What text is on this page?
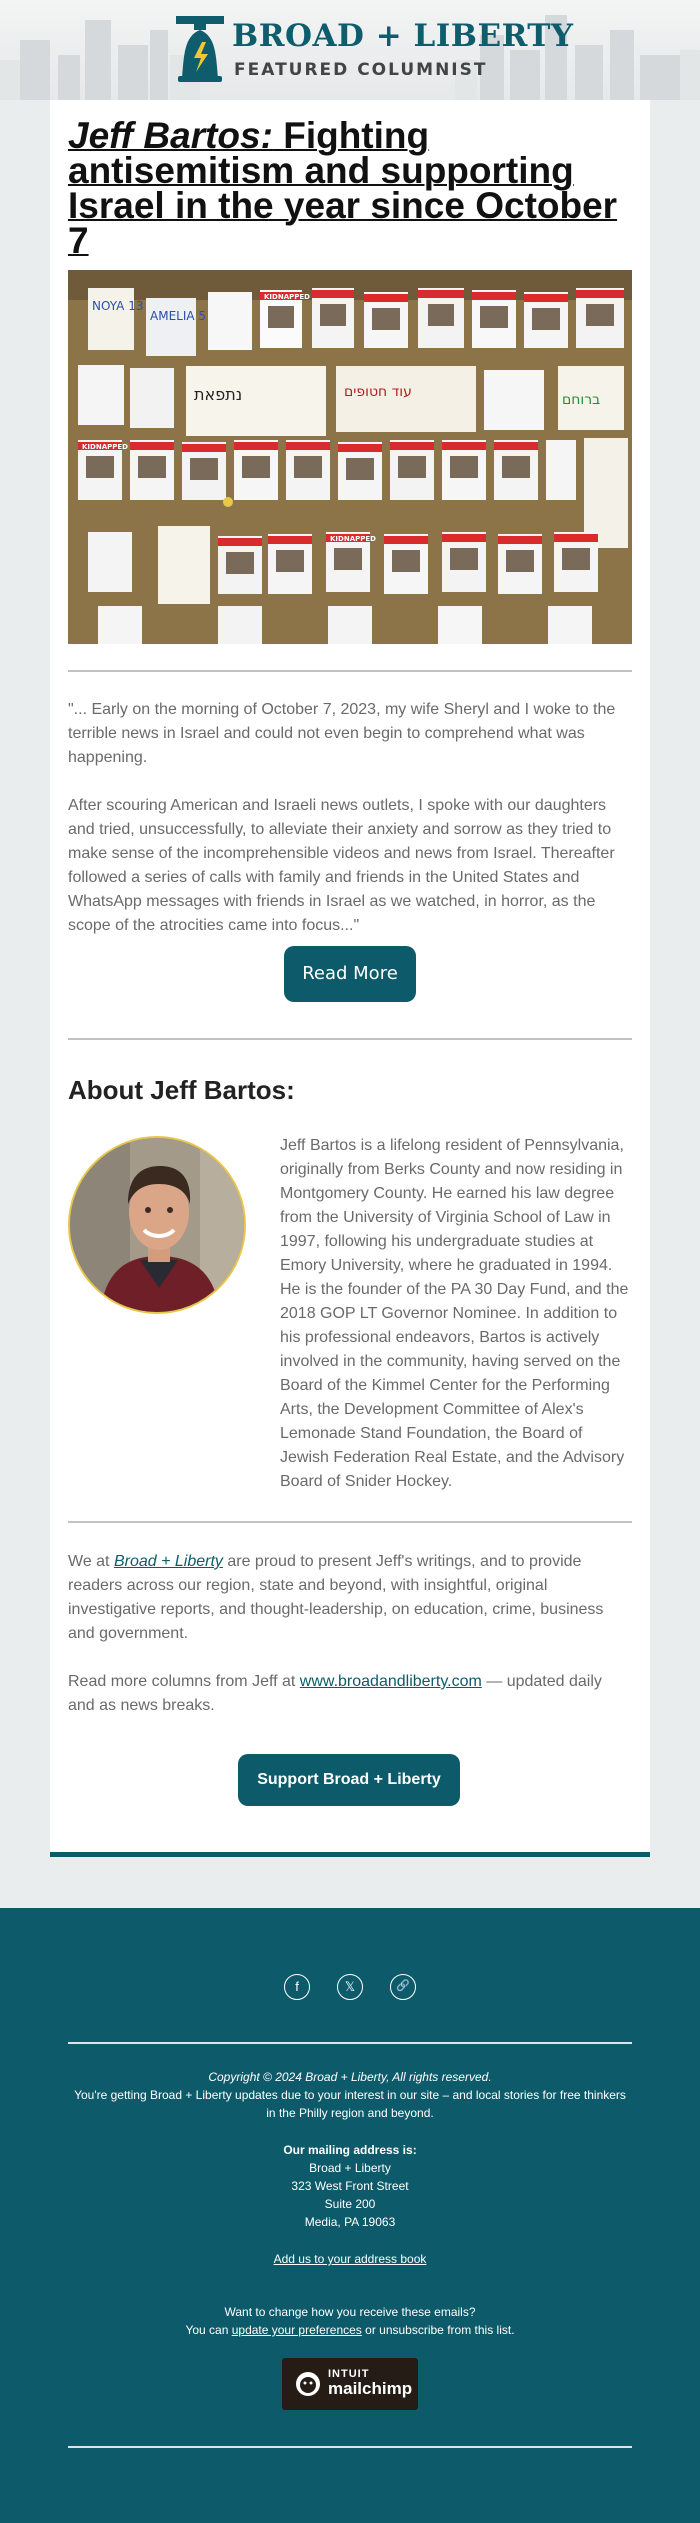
BROAD + LIBERTY
FEATURED COLUMNIST
Jeff Bartos: Fighting antisemitism and supporting Israel in the year since October 7
KIDNAPPED
KIDNAPPED
KIDNAPPED
NOYA 13
AMELIA 5
נתפאת	עוד חטופים	ברוחם

"... Early on the morning of October 7, 2023, my wife Sheryl and I woke to the terrible news in Israel and could not even begin to comprehend what was happening.

After scouring American and Israeli news outlets, I spoke with our daughters and tried, unsuccessfully, to alleviate their anxiety and sorrow as they tried to make sense of the incomprehensible videos and news from Israel. Thereafter followed a series of calls with family and friends in the United States and WhatsApp messages with friends in Israel as we watched, in horror, as the scope of the atrocities came into focus..."

Read More
About Jeff Bartos:

Jeff Bartos is a lifelong resident of Pennsylvania, originally from Berks County and now residing in Montgomery County. He earned his law degree from the University of Virginia School of Law in 1997, following his undergraduate studies at Emory University, where he graduated in 1994. He is the founder of the PA 30 Day Fund, and the 2018 GOP LT Governor Nominee. In addition to his professional endeavors, Bartos is actively involved in the community, having served on the Board of the Kimmel Center for the Performing Arts, the Development Committee of Alex's Lemonade Stand Foundation, the Board of Jewish Federation Real Estate, and the Advisory Board of Snider Hockey.

We at Broad + Liberty are proud to present Jeff's writings, and to provide readers across our region, state and beyond, with insightful, original investigative reports, and thought-leadership, on education, crime, business and government.

Read more columns from Jeff at www.broadandliberty.com — updated daily and as news breaks.

Support Broad + Liberty
f	𝕏	🔗
Copyright © 2024 Broad + Liberty, All rights reserved.
You're getting Broad + Liberty updates due to your interest in our site – and local stories for free thinkers in the Philly region and beyond.
Our mailing address is:
Broad + Liberty
323 West Front Street
Suite 200
Media, PA 19063
Add us to your address book
Want to change how you receive these emails?
You can update your preferences or unsubscribe from this list.
INTUIT
mailchimp
